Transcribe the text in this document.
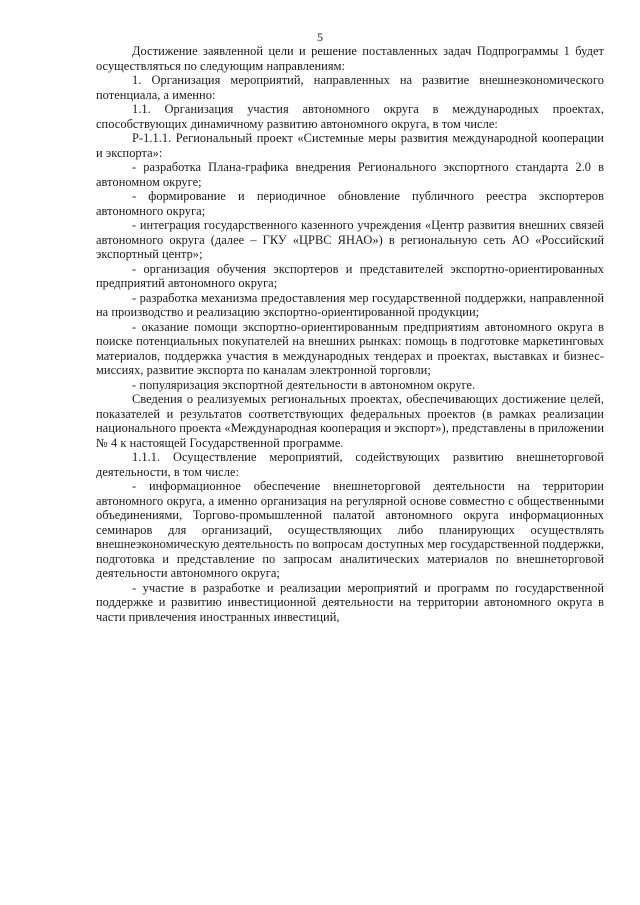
5

Достижение заявленной цели и решение поставленных задач Подпрограммы 1 будет осуществляться по следующим направлениям:

1. Организация мероприятий, направленных на развитие внешнеэкономического потенциала, а именно:

1.1. Организация участия автономного округа в международных проектах, способствующих динамичному развитию автономного округа, в том числе:

Р-1.1.1. Региональный проект «Системные меры развития международной кооперации и экспорта»:

- разработка Плана-графика внедрения Регионального экспортного стандарта 2.0 в автономном округе;

- формирование и периодичное обновление публичного реестра экспортеров автономного округа;

- интеграция государственного казенного учреждения «Центр развития внешних связей автономного округа (далее – ГКУ «ЦРВС ЯНАО») в региональную сеть АО «Российский экспортный центр»;

- организация обучения экспортеров и представителей экспортно-ориентированных предприятий автономного округа;

- разработка механизма предоставления мер государственной поддержки, направленной на производство и реализацию экспортно-ориентированной продукции;

- оказание помощи экспортно-ориентированным предприятиям автономного округа в поиске потенциальных покупателей на внешних рынках: помощь в подготовке маркетинговых материалов, поддержка участия в международных тендерах и проектах, выставках и бизнес-миссиях, развитие экспорта по каналам электронной торговли;

- популяризация экспортной деятельности в автономном округе.

Сведения о реализуемых региональных проектах, обеспечивающих достижение целей, показателей и результатов соответствующих федеральных проектов (в рамках реализации национального проекта «Международная кооперация и экспорт»), представлены в приложении № 4 к настоящей Государственной программе.

1.1.1. Осуществление мероприятий, содействующих развитию внешнеторговой деятельности, в том числе:

- информационное обеспечение внешнеторговой деятельности на территории автономного округа, а именно организация на регулярной основе совместно с общественными объединениями, Торгово-промышленной палатой автономного округа информационных семинаров для организаций, осуществляющих либо планирующих осуществлять внешнеэкономическую деятельность по вопросам доступных мер государственной поддержки, подготовка и представление по запросам аналитических материалов по внешнеторговой деятельности автономного округа;

- участие в разработке и реализации мероприятий и программ по государственной поддержке и развитию инвестиционной деятельности на территории автономного округа в части привлечения иностранных инвестиций,
